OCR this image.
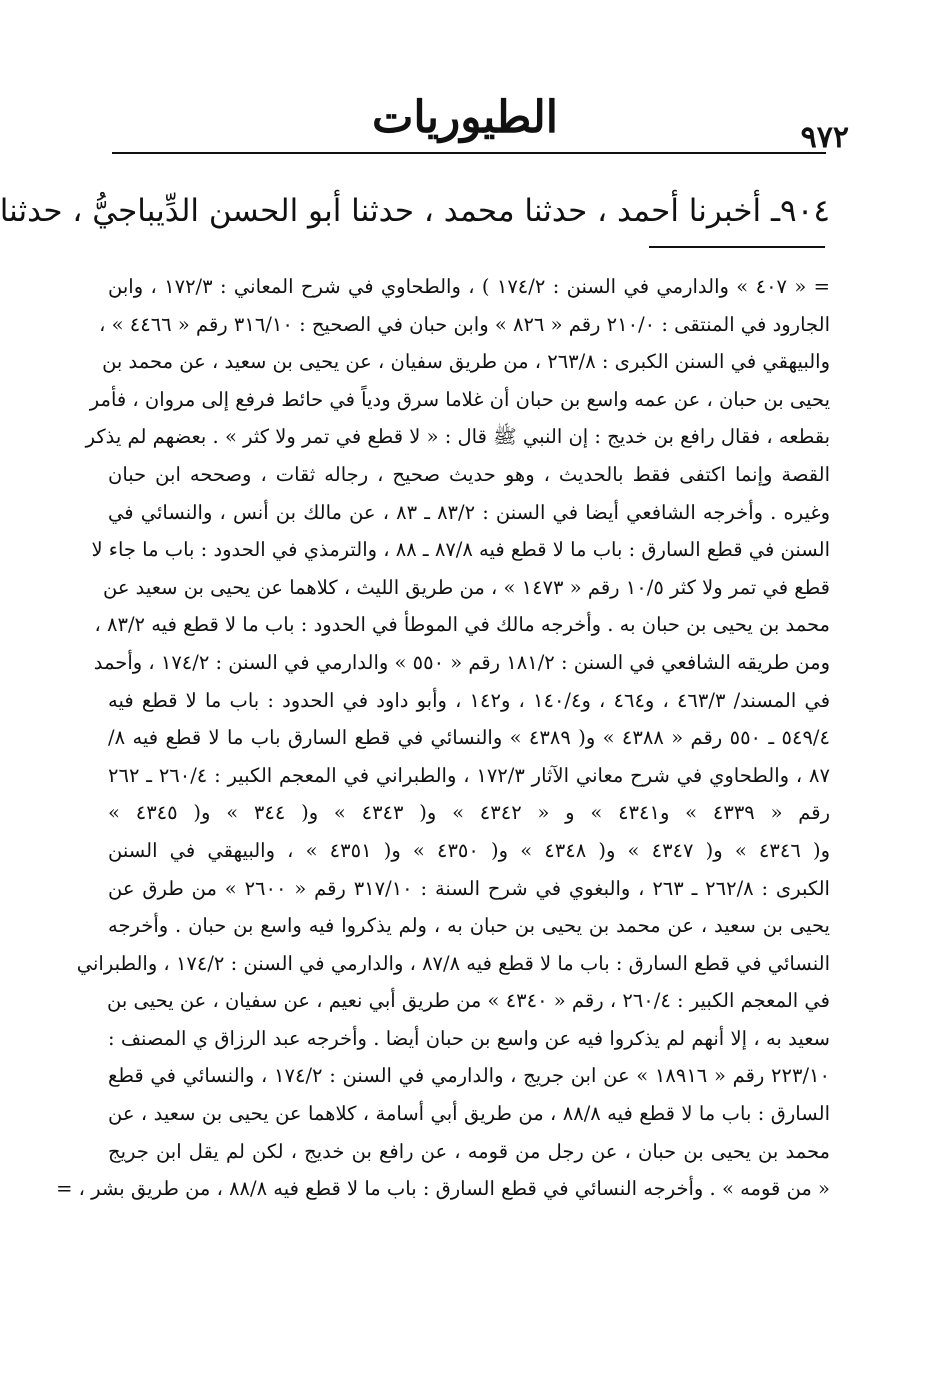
٩٧٢
الطيوريات
٩٠٤ـ أخبرنا أحمد ، حدثنا محمد ، حدثنا أبو الحسن الدِّيباجيُّ ، حدثنا
= « ٤٠٧ » والدارمي في السنن : ١٧٤/٢ ) ، والطحاوي في شرح المعاني : ١٧٢/٣ ، وابن
الجارود في المنتقى : ٢١٠/٠ رقم « ٨٢٦ » وابن حبان في الصحيح : ٣١٦/١٠ رقم « ٤٤٦٦ » ،
والبيهقي في السنن الكبرى : ٢٦٣/٨ ، من طريق سفيان ، عن يحيى بن سعيد ، عن محمد بن
يحيى بن حبان ، عن عمه واسع بن حبان أن غلاما سرق ودياً في حائط فرفع إلى مروان ، فأمر
بقطعه ، فقال رافع بن خديج : إن النبي ﷺ قال : « لا قطع في تمر ولا كثر » . بعضهم لم يذكر
القصة وإنما اكتفى فقط بالحديث ، وهو حديث صحيح ، رجاله ثقات ، وصححه ابن حبان
وغيره . وأخرجه الشافعي أيضا في السنن : ٨٣/٢ ـ ٨٣ ، عن مالك بن أنس ، والنسائي في
السنن في قطع السارق : باب ما لا قطع فيه ٨٧/٨ ـ ٨٨ ، والترمذي في الحدود : باب ما جاء لا
قطع في تمر ولا كثر ١٠/٥ رقم « ١٤٧٣ » ، من طريق الليث ، كلاهما عن يحيى بن سعيد عن
محمد بن يحيى بن حبان به . وأخرجه مالك في الموطأ في الحدود : باب ما لا قطع فيه ٨٣/٢ ،
ومن طريقه الشافعي في السنن : ١٨١/٢ رقم « ٥٥٠ » والدارمي في السنن : ١٧٤/٢ ، وأحمد
في المسند/ ٤٦٣/٣ ، و٤٦٤ ، و١٤٠/٤ ، و١٤٢ ، وأبو داود في الحدود : باب ما لا قطع فيه
٥٤٩/٤ ـ ٥٥٠ رقم « ٤٣٨٨ » و( ٤٣٨٩ » والنسائي في قطع السارق باب ما لا قطع فيه ٨/
٨٧ ، والطحاوي في شرح معاني الآثار ١٧٢/٣ ، والطبراني في المعجم الكبير : ٢٦٠/٤ ـ ٢٦٢
رقم « ٤٣٣٩ » و٤٣٤١ » و « ٤٣٤٢ » و( ٤٣٤٣ » و( ٣٤٤ » و( ٤٣٤٥ »
و( ٤٣٤٦ » و( ٤٣٤٧ » و( ٤٣٤٨ » و( ٤٣٥٠ » و( ٤٣٥١ » ، والبيهقي في السنن
الكبرى : ٢٦٢/٨ ـ ٢٦٣ ، والبغوي في شرح السنة : ٣١٧/١٠ رقم « ٢٦٠٠ » من طرق عن
يحيى بن سعيد ، عن محمد بن يحيى بن حبان به ، ولم يذكروا فيه واسع بن حبان . وأخرجه
النسائي في قطع السارق : باب ما لا قطع فيه ٨٧/٨ ، والدارمي في السنن : ١٧٤/٢ ، والطبراني
في المعجم الكبير : ٢٦٠/٤ ، رقم « ٤٣٤٠ » من طريق أبي نعيم ، عن سفيان ، عن يحيى بن
سعيد به ، إلا أنهم لم يذكروا فيه عن واسع بن حبان أيضا . وأخرجه عبد الرزاق ي المصنف :
٢٢٣/١٠ رقم « ١٨٩١٦ » عن ابن جريج ، والدارمي في السنن : ١٧٤/٢ ، والنسائي في قطع
السارق : باب ما لا قطع فيه ٨٨/٨ ، من طريق أبي أسامة ، كلاهما عن يحيى بن سعيد ، عن
محمد بن يحيى بن حبان ، عن رجل من قومه ، عن رافع بن خديج ، لكن لم يقل ابن جريج
« من قومه » . وأخرجه النسائي في قطع السارق : باب ما لا قطع فيه ٨٨/٨ ، من طريق بشر ، =
